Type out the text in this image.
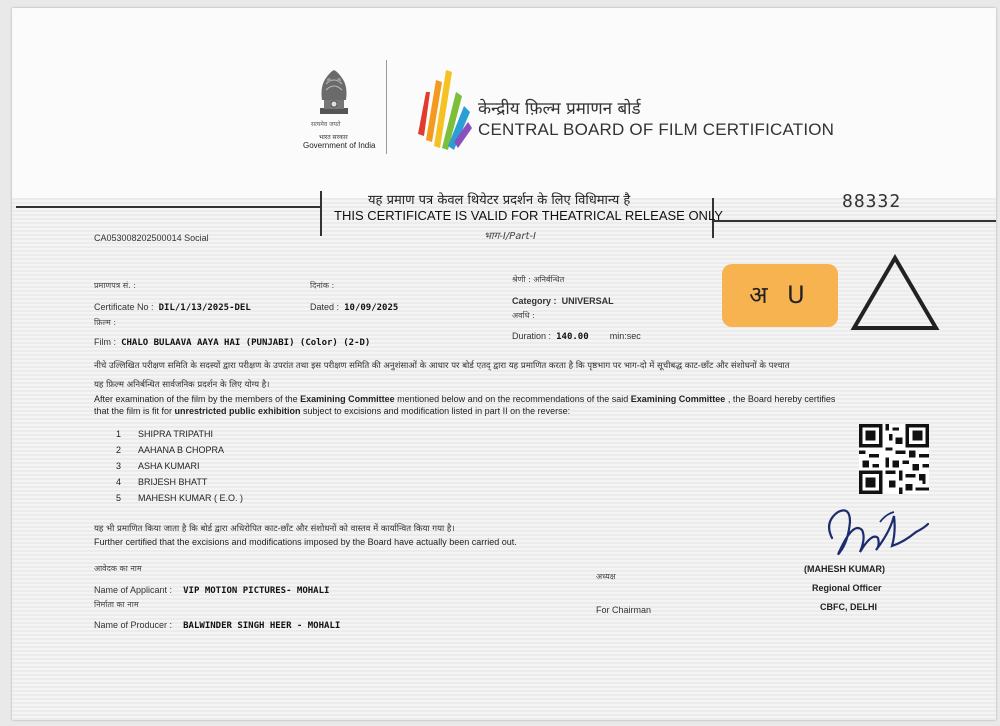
सत्यमेव जयते
भारत सरकार
Government of India
केन्द्रीय फ़िल्म प्रमाणन बोर्ड
CENTRAL BOARD OF FILM CERTIFICATION
यह प्रमाण पत्र केवल थियेटर प्रदर्शन के लिए विधिमान्य है
THIS CERTIFICATE IS VALID FOR THEATRICAL RELEASE ONLY
भाग-I/Part-I
88332
CA053008202500014 Social
प्रमाणपत्र सं. :
Certificate No : DIL/1/13/2025-DEL
दिनांक :
Dated : 10/09/2025
श्रेणी : अनिर्बन्धित
Category : UNIVERSAL
फ़िल्म :
Film : CHALO BULAAVA AAYA HAI (PUNJABI) (Color) (2-D)
अवधि :
Duration : 140.00 min:sec
अ U
नीचे उल्लिखित परीक्षण समिति के सदस्यों द्वारा परीक्षण के उपरांत तथा इस परीक्षण समिति की अनुशंसाओं के आधार पर बोर्ड एतद् द्वारा यह प्रमाणित करता है कि पृष्ठभाग पर भाग-दो में सूचीबद्ध काट-छाँट और संशोधनों के पश्चात
यह फ़िल्म अनिर्बन्धित सार्वजनिक प्रदर्शन के लिए योग्य है।
After examination of the film by the members of the Examining Committee mentioned below and on the recommendations of the said Examining Committee , the Board hereby certifies
that the film is fit for unrestricted public exhibition subject to excisions and modification listed in part II on the reverse:
1 SHIPRA TRIPATHI
2 AAHANA B CHOPRA
3 ASHA KUMARI
4 BRIJESH BHATT
5 MAHESH KUMAR ( E.O. )
यह भी प्रमाणित किया जाता है कि बोर्ड द्वारा अधिरोपित काट-छाँट और संशोधनों को वास्तव में कार्यान्वित किया गया है।
Further certified that the excisions and modifications imposed by the Board have actually been carried out.
आवेदक का नाम
Name of Applicant : VIP MOTION PICTURES- MOHALI
निर्माता का नाम
Name of Producer : BALWINDER SINGH HEER - MOHALI
अध्यक्ष
For Chairman
(MAHESH KUMAR)
Regional Officer
CBFC, DELHI
